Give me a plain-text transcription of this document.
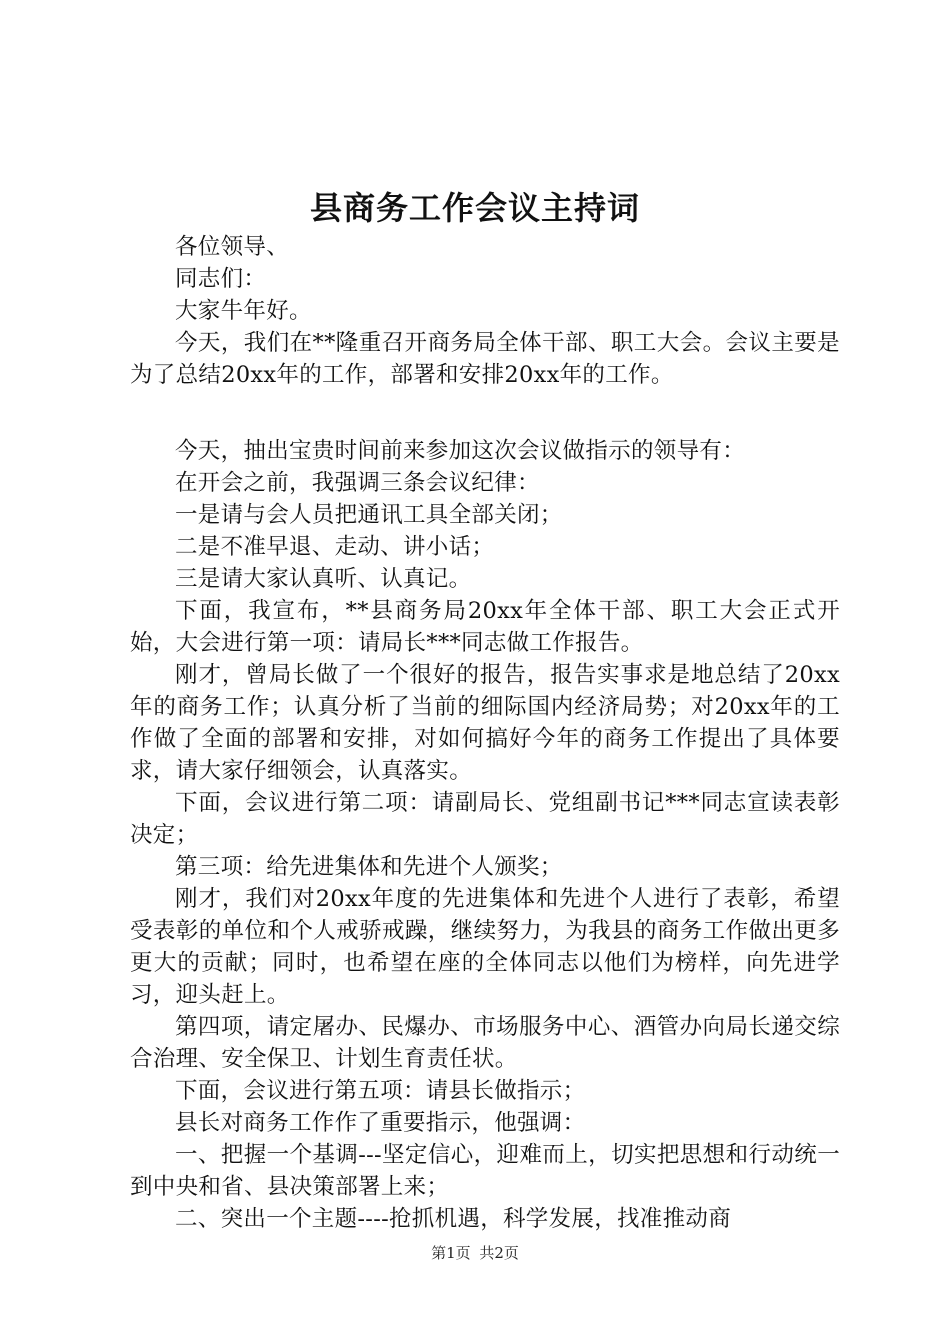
县商务工作会议主持词

各位领导、

同志们：

大家牛年好。

今天，我们在**隆重召开商务局全体干部、职工大会。会议主要是为了总结20xx年的工作，部署和安排20xx年的工作。

今天，抽出宝贵时间前来参加这次会议做指示的领导有：

在开会之前，我强调三条会议纪律：

一是请与会人员把通讯工具全部关闭；

二是不准早退、走动、讲小话；

三是请大家认真听、认真记。

下面，我宣布，**县商务局20xx年全体干部、职工大会正式开始，大会进行第一项：请局长***同志做工作报告。

刚才，曾局长做了一个很好的报告，报告实事求是地总结了20xx年的商务工作；认真分析了当前的细际国内经济局势；对20xx年的工作做了全面的部署和安排，对如何搞好今年的商务工作提出了具体要求，请大家仔细领会，认真落实。

下面，会议进行第二项：请副局长、党组副书记***同志宣读表彰决定；

第三项：给先进集体和先进个人颁奖；

刚才，我们对20xx年度的先进集体和先进个人进行了表彰，希望受表彰的单位和个人戒骄戒躁，继续努力，为我县的商务工作做出更多更大的贡献；同时，也希望在座的全体同志以他们为榜样，向先进学习，迎头赶上。

第四项，请定屠办、民爆办、市场服务中心、酒管办向局长递交综合治理、安全保卫、计划生育责任状。

下面，会议进行第五项：请县长做指示；

县长对商务工作作了重要指示，他强调：

一、把握一个基调---坚定信心，迎难而上，切实把思想和行动统一到中央和省、县决策部署上来；

二、突出一个主题----抢抓机遇，科学发展，找准推动商

第1页 共2页
